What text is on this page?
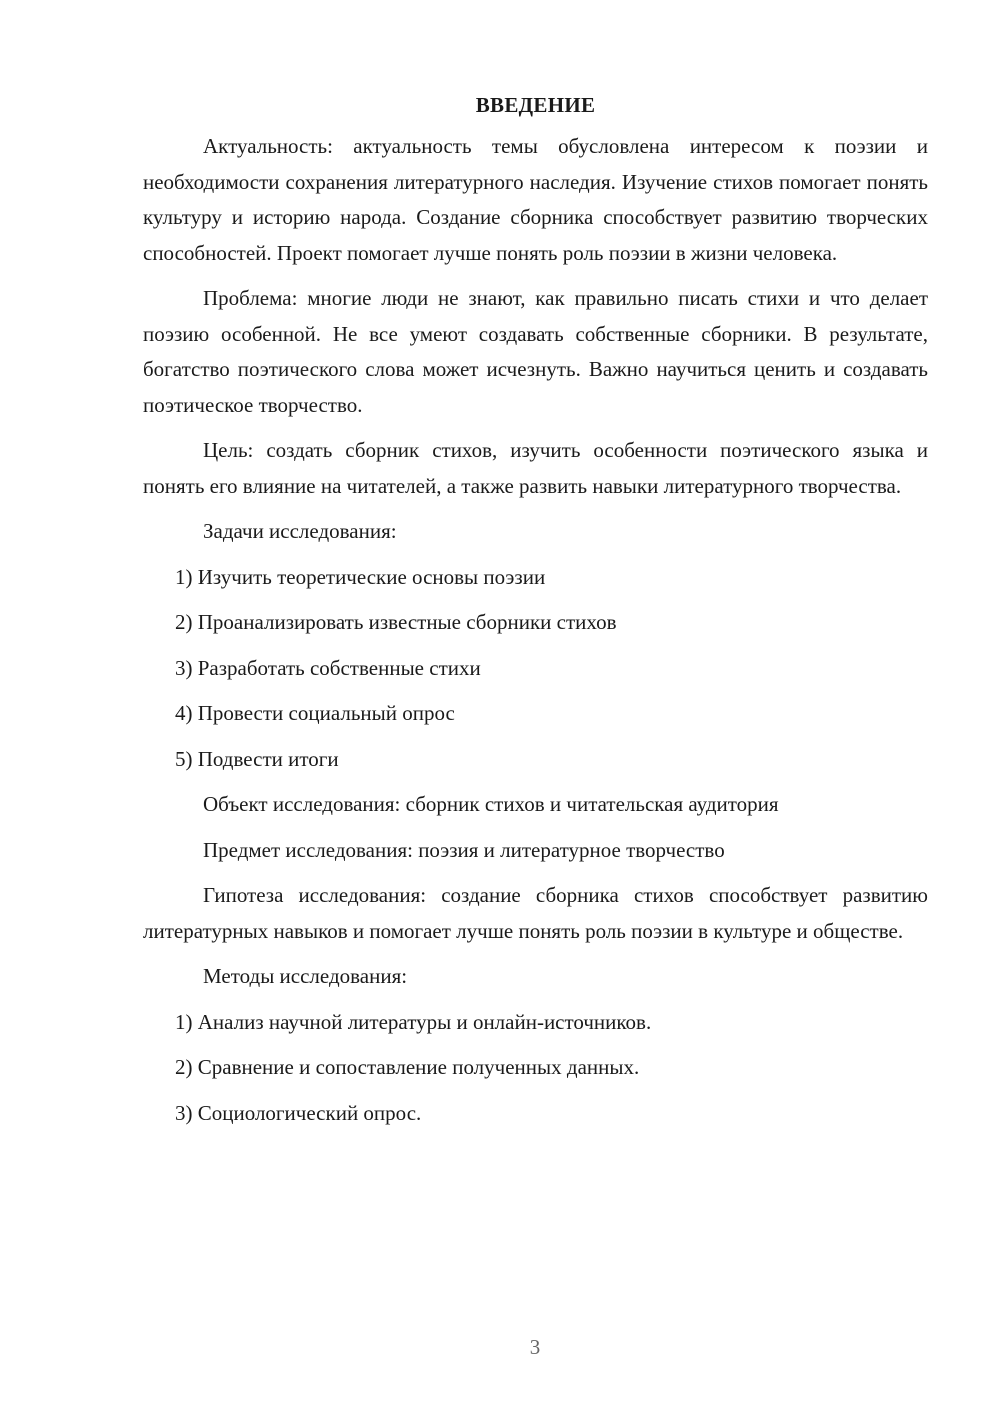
ВВЕДЕНИЕ

Актуальность: актуальность темы обусловлена интересом к поэзии и необходимости сохранения литературного наследия. Изучение стихов помогает понять культуру и историю народа. Создание сборника способствует развитию творческих способностей. Проект помогает лучше понять роль поэзии в жизни человека.

Проблема: многие люди не знают, как правильно писать стихи и что делает поэзию особенной. Не все умеют создавать собственные сборники. В результате, богатство поэтического слова может исчезнуть. Важно научиться ценить и создавать поэтическое творчество.

Цель: создать сборник стихов, изучить особенности поэтического языка и понять его влияние на читателей, а также развить навыки литературного творчества.

Задачи исследования:
1) Изучить теоретические основы поэзии
2) Проанализировать известные сборники стихов
3) Разработать собственные стихи
4) Провести социальный опрос
5) Подвести итоги
Объект исследования: сборник стихов и читательская аудитория
Предмет исследования: поэзия и литературное творчество

Гипотеза исследования: создание сборника стихов способствует развитию литературных навыков и помогает лучше понять роль поэзии в культуре и обществе.

Методы исследования:
1) Анализ научной литературы и онлайн-источников.
2) Сравнение и сопоставление полученных данных.
3) Социологический опрос.
3
